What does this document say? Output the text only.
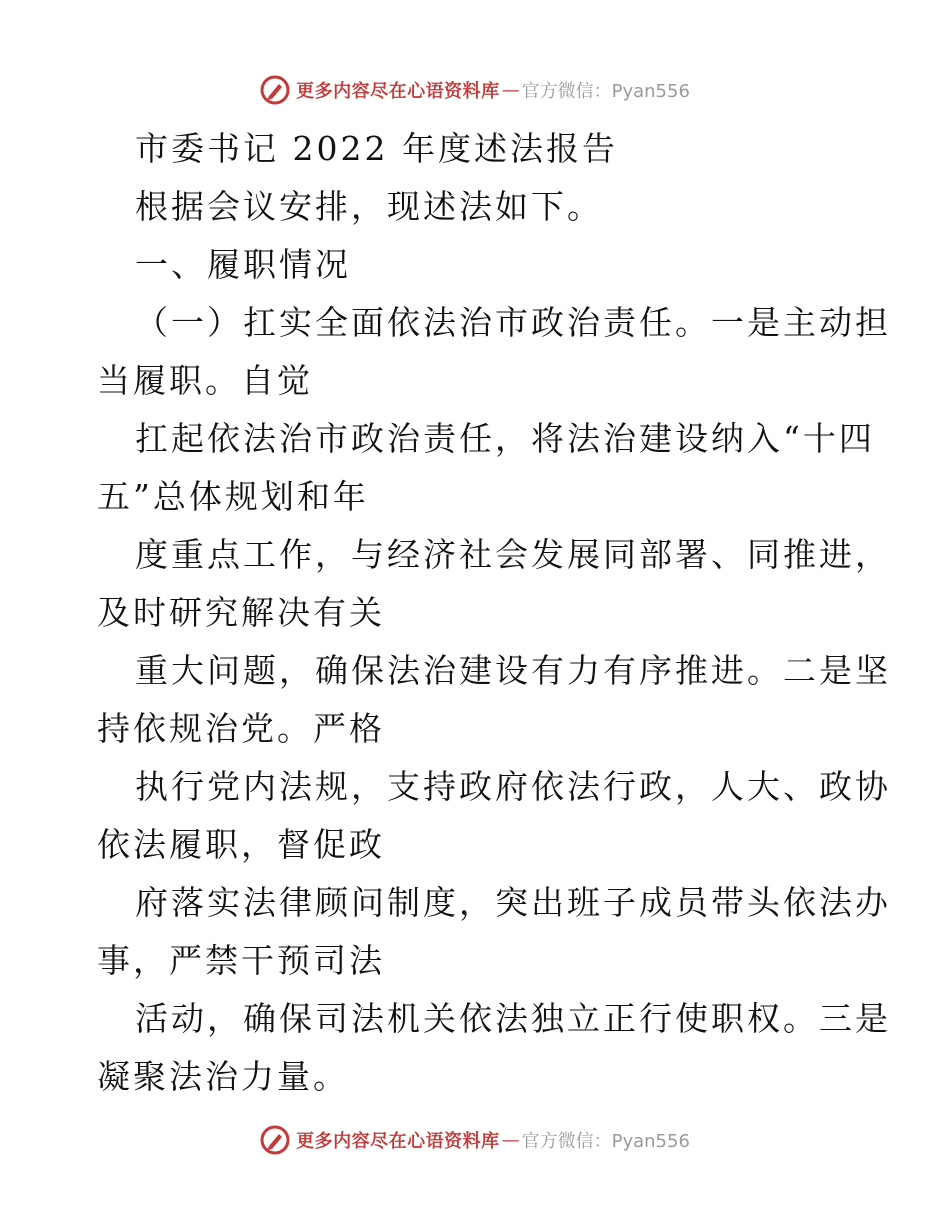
更多内容尽在心语资料库 — 官方微信：Pyan556
市委书记 2022 年度述法报告
根据会议安排，现述法如下。
一、履职情况
（一）扛实全面依法治市政治责任。一是主动担
当履职。自觉
扛起依法治市政治责任，将法治建设纳入“十四
五”总体规划和年
度重点工作，与经济社会发展同部署、同推进，
及时研究解决有关
重大问题，确保法治建设有力有序推进。二是坚
持依规治党。严格
执行党内法规，支持政府依法行政，人大、政协
依法履职，督促政
府落实法律顾问制度，突出班子成员带头依法办
事，严禁干预司法
活动，确保司法机关依法独立正行使职权。三是
凝聚法治力量。
更多内容尽在心语资料库 — 官方微信：Pyan556
